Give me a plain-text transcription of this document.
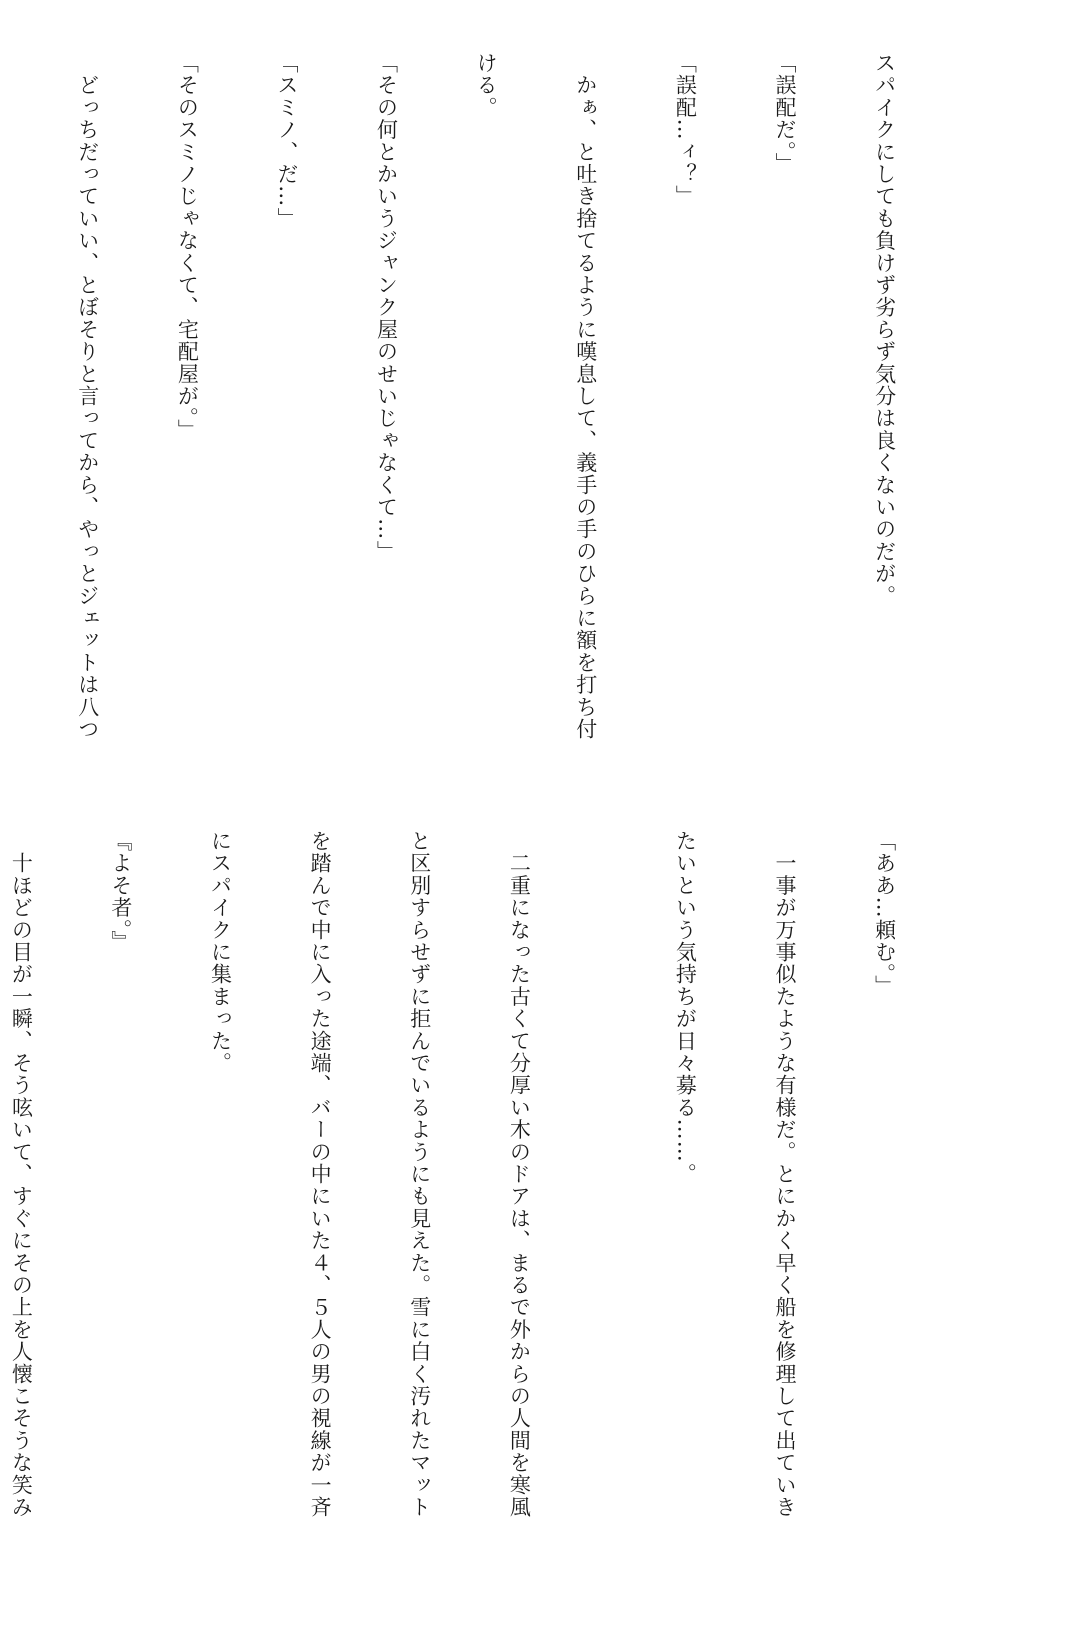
スパイクにしても負けず劣らず気分は良くないのだが。

「誤配だ。」

「誤配…ィ？」

　かぁ、と吐き捨てるように嘆息して、義手の手のひらに額を打ち付

ける。

「その何とかいうジャンク屋のせいじゃなくて…」

「スミノ、だ…」

「そのスミノじゃなくて、宅配屋が。」

　どっちだっていい、とぼそりと言ってから、やっとジェットは八つ

「ああ…頼む。」

　一事が万事似たような有様だ。とにかく早く船を修理して出ていき

たいという気持ちが日々募る……。

　二重になった古くて分厚い木のドアは、まるで外からの人間を寒風

と区別すらせずに拒んでいるようにも見えた。雪に白く汚れたマット

を踏んで中に入った途端、バーの中にいた４、５人の男の視線が一斉

にスパイクに集まった。

『よそ者。』

　十ほどの目が一瞬、そう呟いて、すぐにその上を人懐こそうな笑み
